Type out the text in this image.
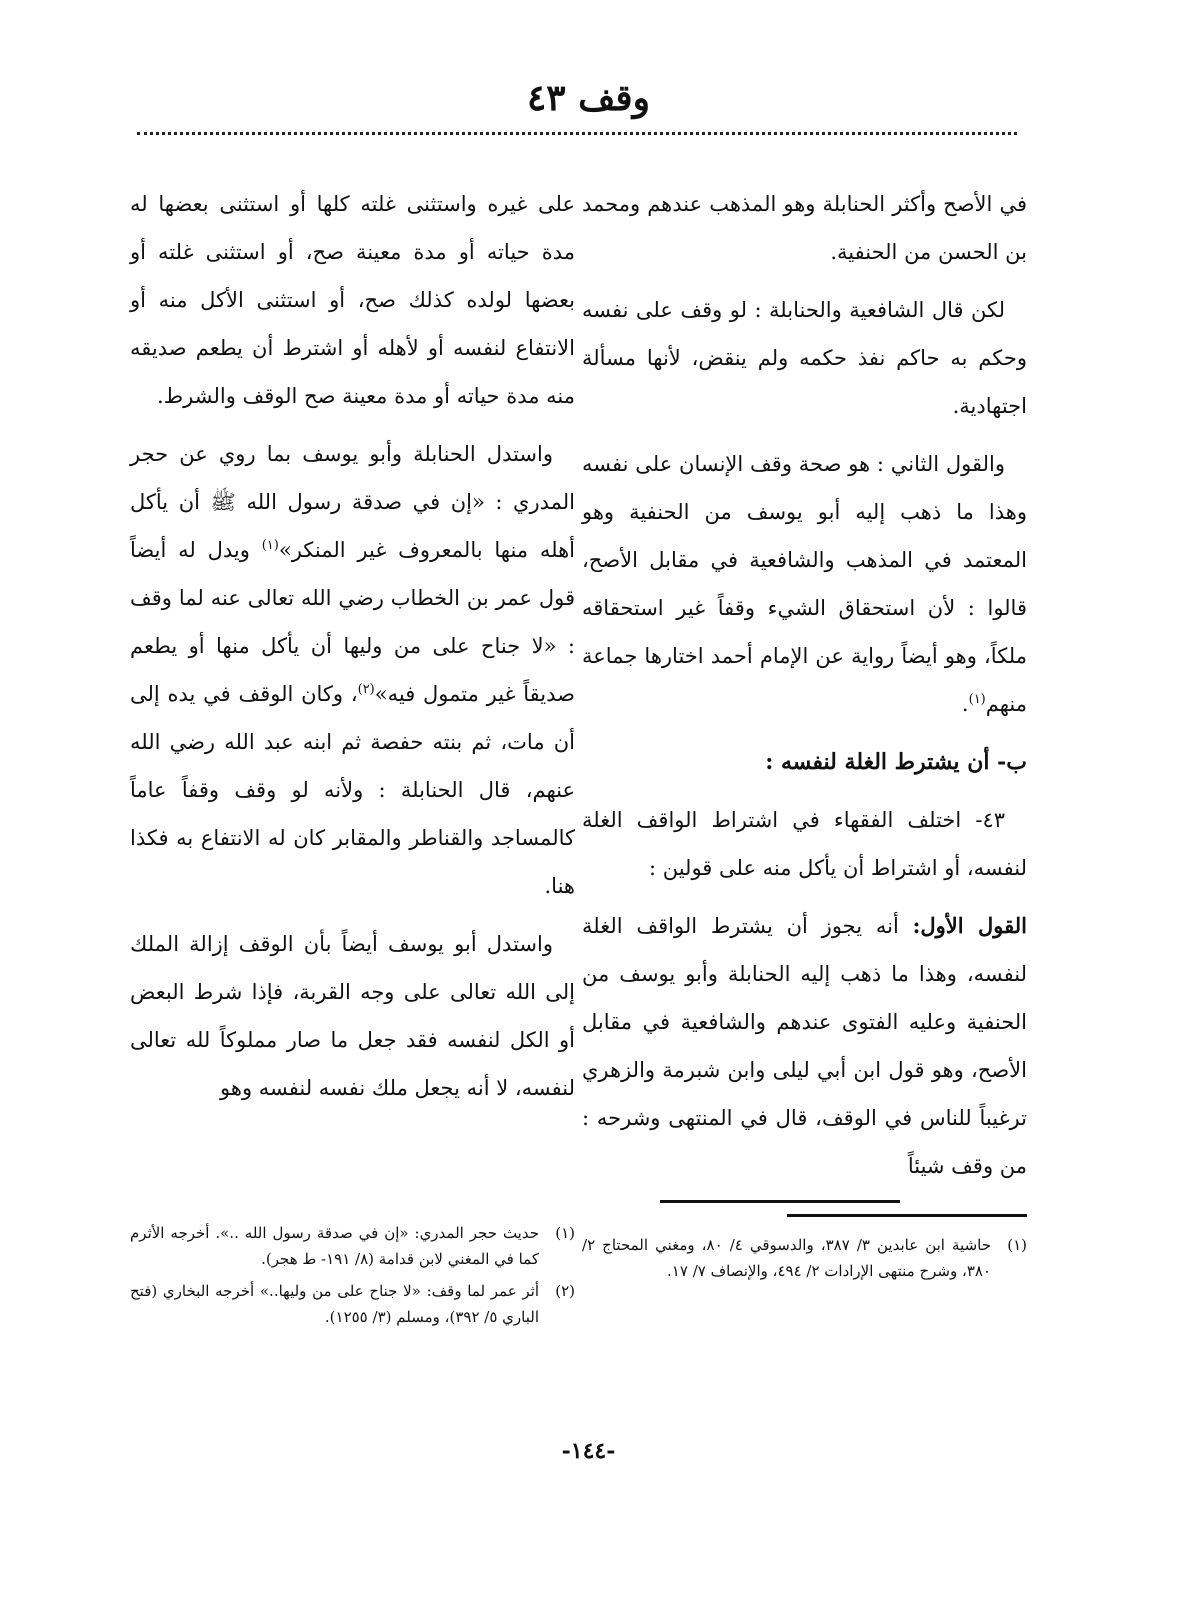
وقف ٤٣

في الأصح وأكثر الحنابلة وهو المذهب عندهم ومحمد بن الحسن من الحنفية.

لكن قال الشافعية والحنابلة : لو وقف على نفسه وحكم به حاكم نفذ حكمه ولم ينقض، لأنها مسألة اجتهادية.

والقول الثاني : هو صحة وقف الإنسان على نفسه وهذا ما ذهب إليه أبو يوسف من الحنفية وهو المعتمد في المذهب والشافعية في مقابل الأصح، قالوا : لأن استحقاق الشيء وقفاً غير استحقاقه ملكاً، وهو أيضاً رواية عن الإمام أحمد اختارها جماعة منهم$^{(١)}$.

ب- أن يشترط الغلة لنفسه :

٤٣- اختلف الفقهاء في اشتراط الواقف الغلة لنفسه، أو اشتراط أن يأكل منه على قولين :

القول الأول: أنه يجوز أن يشترط الواقف الغلة لنفسه، وهذا ما ذهب إليه الحنابلة وأبو يوسف من الحنفية وعليه الفتوى عندهم والشافعية في مقابل الأصح، وهو قول ابن أبي ليلى وابن شبرمة والزهري ترغيباً للناس في الوقف، قال في المنتهى وشرحه : من وقف شيئاً

على غيره واستثنى غلته كلها أو استثنى بعضها له مدة حياته أو مدة معينة صح، أو استثنى غلته أو بعضها لولده كذلك صح، أو استثنى الأكل منه أو الانتفاع لنفسه أو لأهله أو اشترط أن يطعم صديقه منه مدة حياته أو مدة معينة صح الوقف والشرط.

واستدل الحنابلة وأبو يوسف بما روي عن حجر المدري : «إن في صدقة رسول الله ﷺ أن يأكل أهله منها بالمعروف غير المنكر»$^{(١)}$ ويدل له أيضاً قول عمر بن الخطاب رضي الله تعالى عنه لما وقف : «لا جناح على من وليها أن يأكل منها أو يطعم صديقاً غير متمول فيه»$^{(٢)}$، وكان الوقف في يده إلى أن مات، ثم بنته حفصة ثم ابنه عبد الله رضي الله عنهم، قال الحنابلة : ولأنه لو وقف وقفاً عاماً كالمساجد والقناطر والمقابر كان له الانتفاع به فكذا هنا.

واستدل أبو يوسف أيضاً بأن الوقف إزالة الملك إلى الله تعالى على وجه القربة، فإذا شرط البعض أو الكل لنفسه فقد جعل ما صار مملوكاً لله تعالى لنفسه، لا أنه يجعل ملك نفسه لنفسه وهو

(١)
حاشية ابن عابدين ٣/ ٣٨٧، والدسوقي ٤/ ٨٠، ومغني المحتاج ٢/ ٣٨٠، وشرح منتهى الإرادات ٢/ ٤٩٤، والإنصاف ٧/ ١٧.
(١)
حديث حجر المدري: «إن في صدقة رسول الله ..». أخرجه الأثرم كما في المغني لابن قدامة (٨/ ١٩١- ط هجر).
(٢)
أثر عمر لما وقف: «لا جناح على من وليها..» أخرجه البخاري (فتح الباري ٥/ ٣٩٢)، ومسلم (٣/ ١٢٥٥).
-١٤٤-
